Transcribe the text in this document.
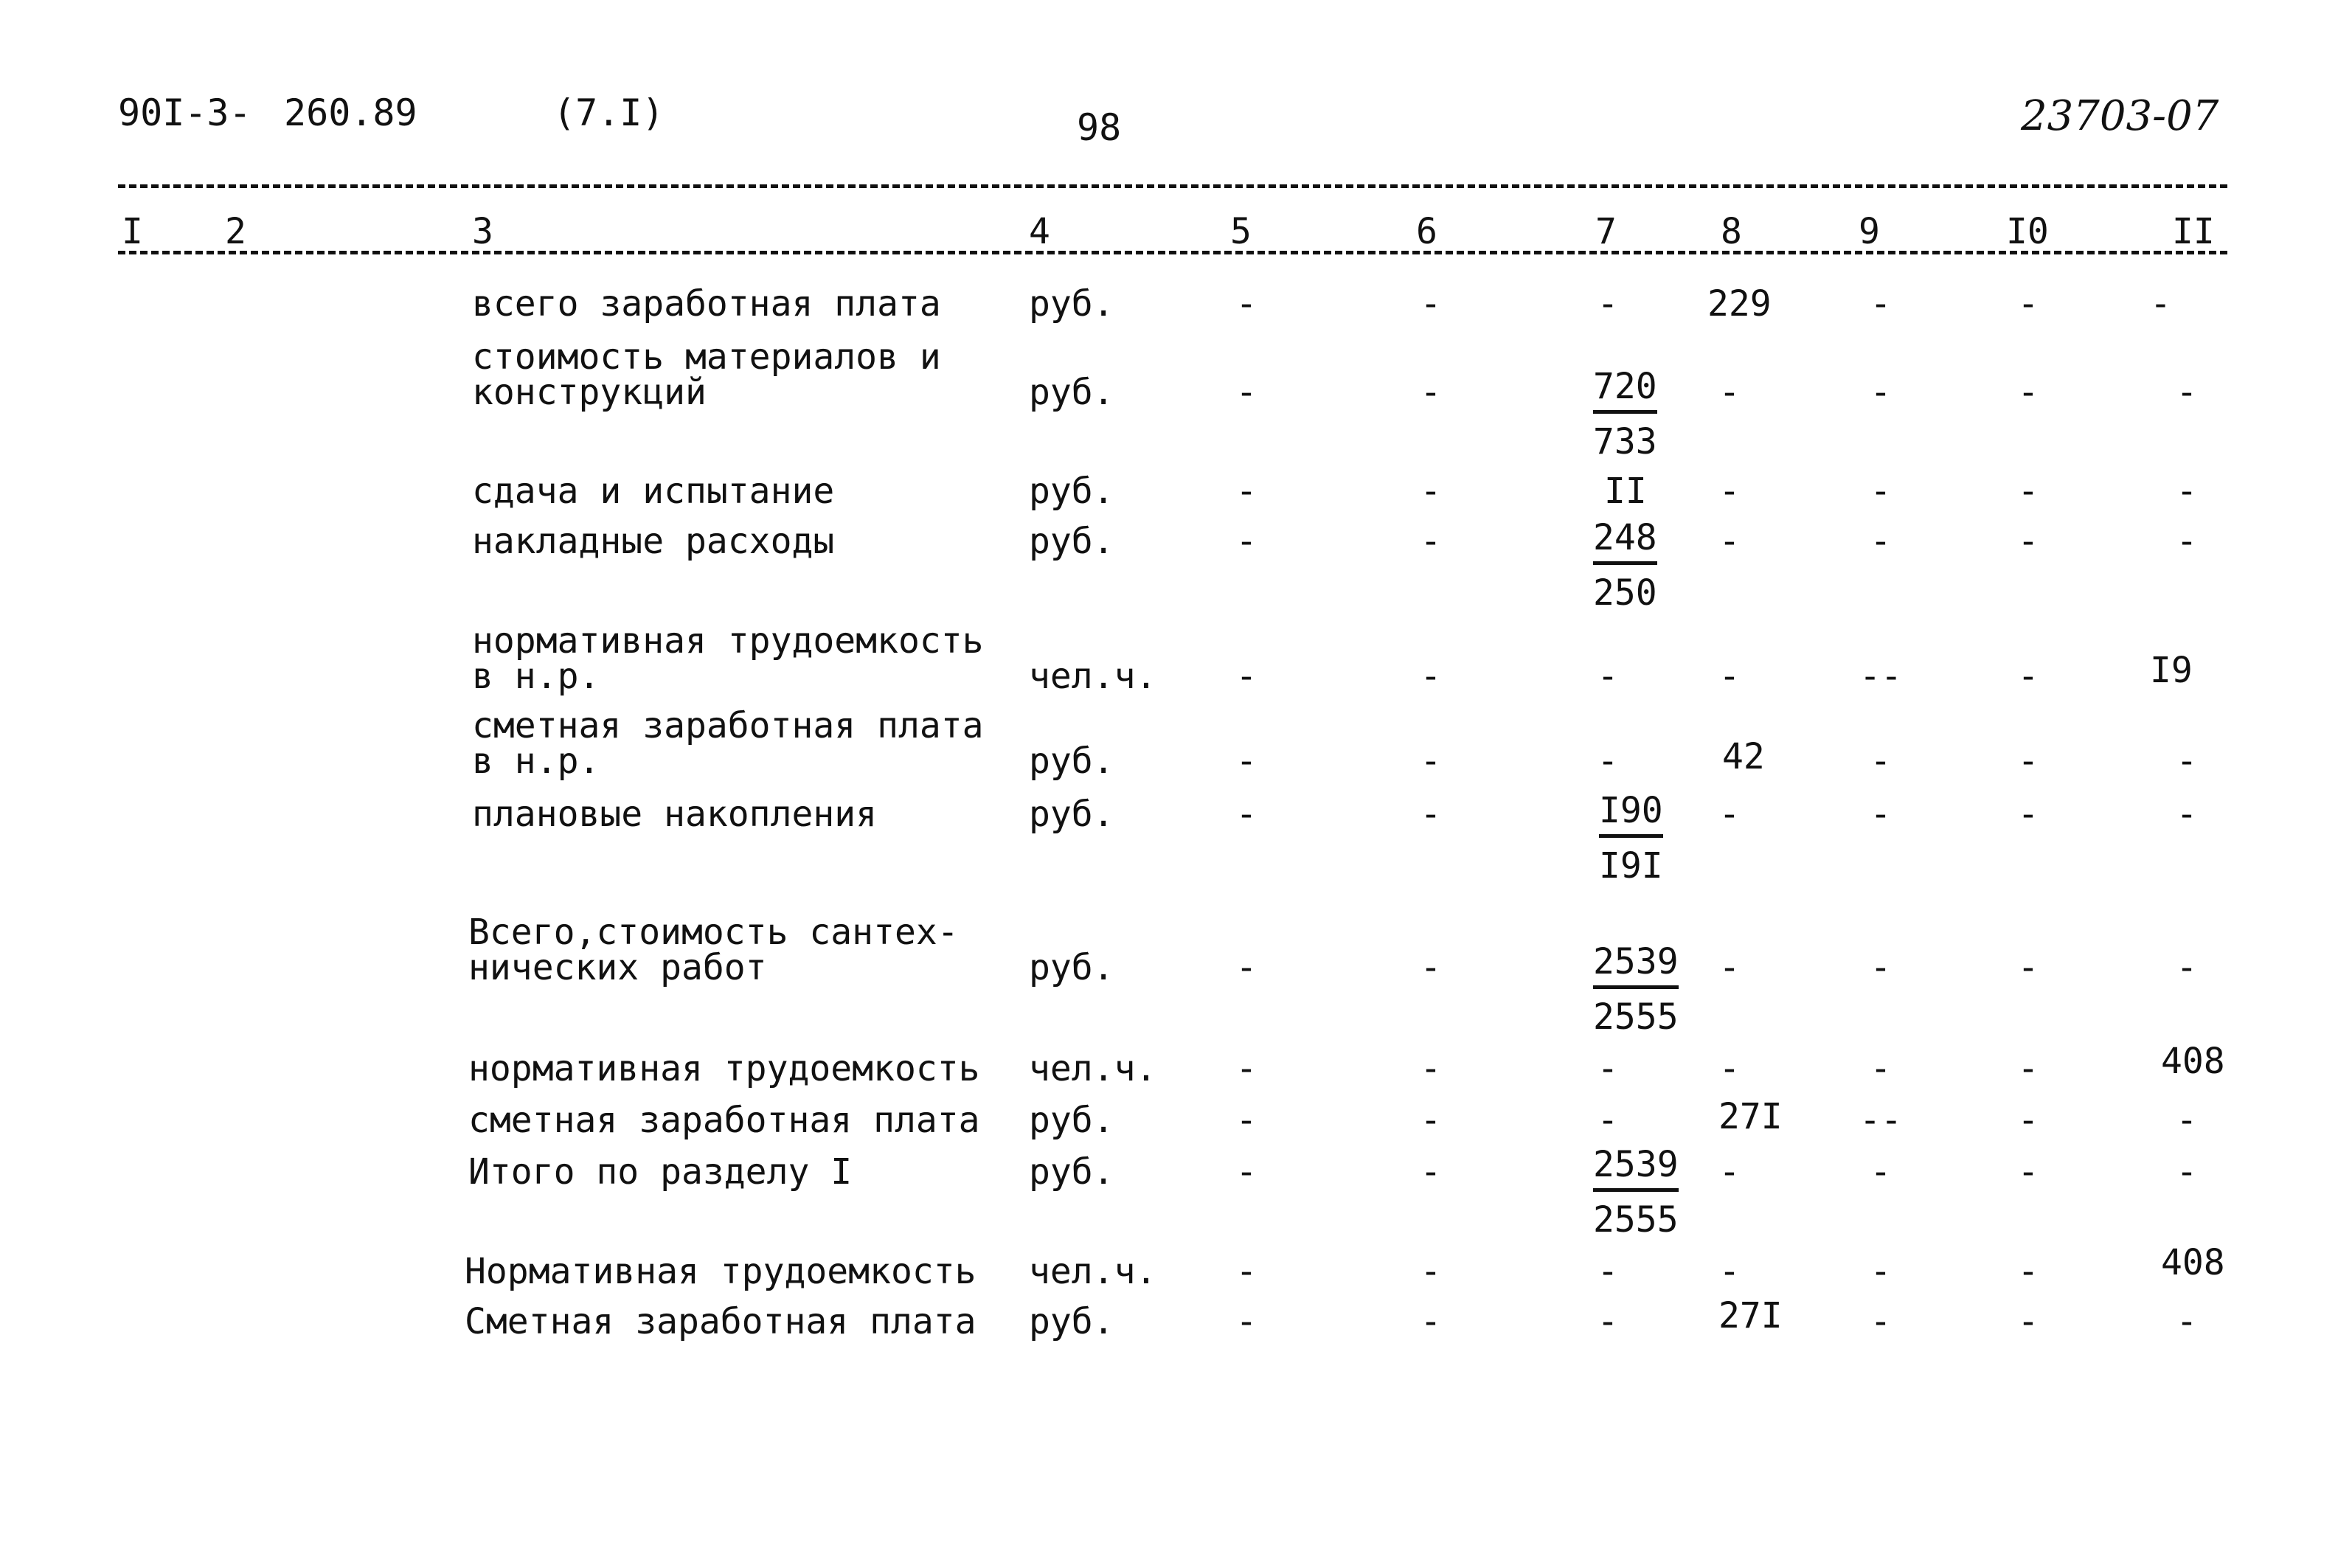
90I-3- 260.89	(7.I)	98	23703-07
I 2	3	4	5	6	7	8	9	I0	II
всего заработная плата руб.	-	-	-	229	-	-	-
стоимость материалов и
конструкций	руб.	-	-	$\frac{720}{733}$	-	-	-	-
сдача и испытание	руб.	-	-	II	-	-	-	-
накладные расходы	руб.	-	-	$\frac{248}{250}$	-	-	-	-
нормативная трудоемкость
в н.р.	чел.ч.	-	-	-	-	--	-	I9
сметная заработная плата
в н.р.	руб.	-	-	-	42	-	-	-
плановые накопления	руб.	-	-	$\frac{I90}{I9I}$	-	-	-	-
Всего,стоимость сантех-
нических работ	руб.	-	-	$\frac{2539}{2555}$	-	-	-	-
нормативная трудоемкость чел.ч.	-	-	-	-	-	-	408
сметная заработная плата руб.	-	-	-	27I	--	-	-
Итого по разделу I	руб.	-	-	$\frac{2539}{2555}$	-	-	-	-
Нормативная трудоемкость чел.ч.	-	-	-	-	-	-	408
Сметная заработная плата руб.	-	-	-	27I	-	-	-
